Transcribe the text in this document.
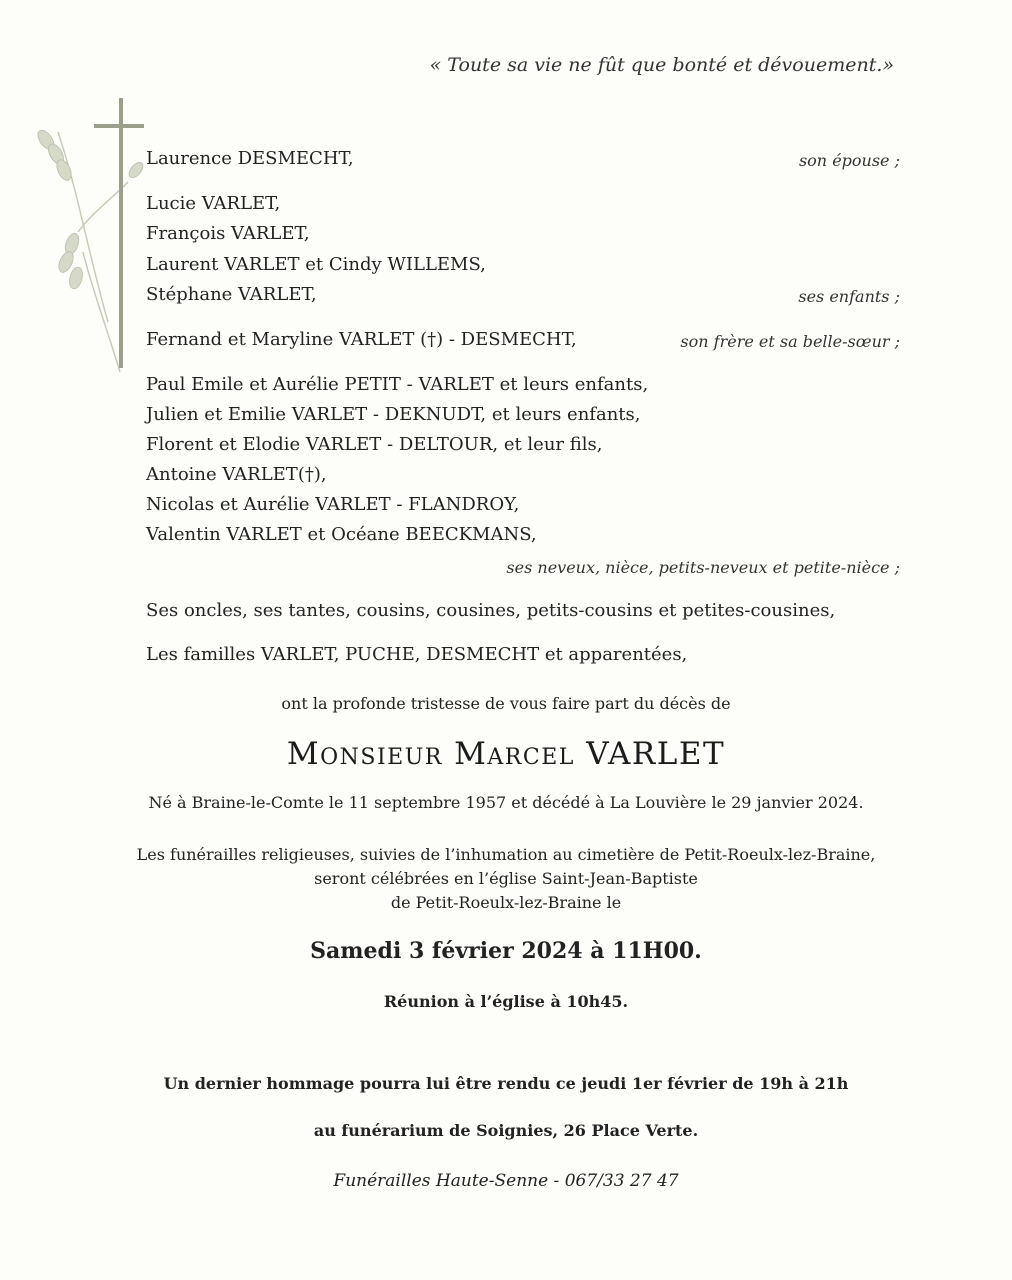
« Toute sa vie ne fût que bonté et dévouement.»
Laurence DESMECHT,	son épouse ;
Lucie VARLET,
François VARLET,
Laurent VARLET et Cindy WILLEMS,
Stéphane VARLET,	ses enfants ;
Fernand et Maryline VARLET (†) - DESMECHT,	son frère et sa belle-sœur ;
Paul Emile et Aurélie PETIT - VARLET et leurs enfants,
Julien et Emilie VARLET - DEKNUDT, et leurs enfants,
Florent et Elodie VARLET - DELTOUR, et leur fils,
Antoine VARLET(†),
Nicolas et Aurélie VARLET - FLANDROY,
Valentin VARLET et Océane BEECKMANS,
ses neveux, nièce, petits-neveux et petite-nièce ;
Ses oncles, ses tantes, cousins, cousines, petits-cousins et petites-cousines,
Les familles VARLET, PUCHE, DESMECHT et apparentées,
ont la profonde tristesse de vous faire part du décès de
Monsieur Marcel VARLET
Né à Braine-le-Comte le 11 septembre 1957 et décédé à La Louvière le 29 janvier 2024.
Les funérailles religieuses, suivies de l’inhumation au cimetière de Petit-Roeulx-lez-Braine,
seront célébrées en l’église Saint-Jean-Baptiste
de Petit-Roeulx-lez-Braine le
Samedi 3 février 2024 à 11H00.
Réunion à l’église à 10h45.
Un dernier hommage pourra lui être rendu ce jeudi 1er février de 19h à 21h
au funérarium de Soignies, 26 Place Verte.
Funérailles Haute-Senne - 067/33 27 47
